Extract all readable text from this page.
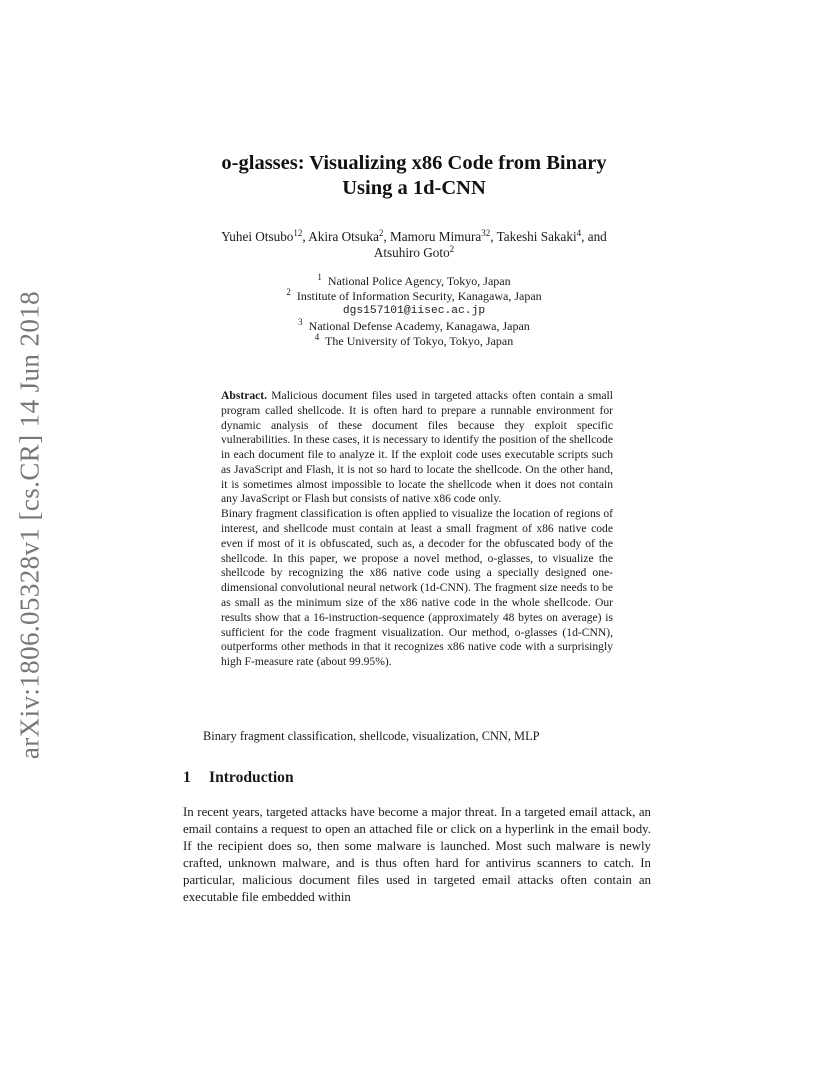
arXiv:1806.05328v1 [cs.CR] 14 Jun 2018
o-glasses: Visualizing x86 Code from Binary
Using a 1d-CNN
Yuhei Otsubo$^{12}$, Akira Otsuka$^2$, Mamoru Mimura$^{32}$, Takeshi Sakaki$^4$, and
Atsuhiro Goto$^2$
$^1$ National Police Agency, Tokyo, Japan
$^2$ Institute of Information Security, Kanagawa, Japan
dgs157101@iisec.ac.jp
$^3$ National Defense Academy, Kanagawa, Japan
$^4$ The University of Tokyo, Tokyo, Japan

Abstract. Malicious document files used in targeted attacks often contain a small program called shellcode. It is often hard to prepare a runnable environment for dynamic analysis of these document files because they exploit specific vulnerabilities. In these cases, it is necessary to identify the position of the shellcode in each document file to analyze it. If the exploit code uses executable scripts such as JavaScript and Flash, it is not so hard to locate the shellcode. On the other hand, it is sometimes almost impossible to locate the shellcode when it does not contain any JavaScript or Flash but consists of native x86 code only.

Binary fragment classification is often applied to visualize the location of regions of interest, and shellcode must contain at least a small fragment of x86 native code even if most of it is obfuscated, such as, a decoder for the obfuscated body of the shellcode. In this paper, we propose a novel method, o-glasses, to visualize the shellcode by recognizing the x86 native code using a specially designed one-dimensional convolutional neural network (1d-CNN). The fragment size needs to be as small as the minimum size of the x86 native code in the whole shellcode. Our results show that a 16-instruction-sequence (approximately 48 bytes on average) is sufficient for the code fragment visualization. Our method, o-glasses (1d-CNN), outperforms other methods in that it recognizes x86 native code with a surprisingly high F-measure rate (about 99.95%).

Binary fragment classification, shellcode, visualization, CNN, MLP
1 Introduction

In recent years, targeted attacks have become a major threat. In a targeted email attack, an email contains a request to open an attached file or click on a hyperlink in the email body. If the recipient does so, then some malware is launched. Most such malware is newly crafted, unknown malware, and is thus often hard for antivirus scanners to catch. In particular, malicious document files used in targeted email attacks often contain an executable file embedded within
